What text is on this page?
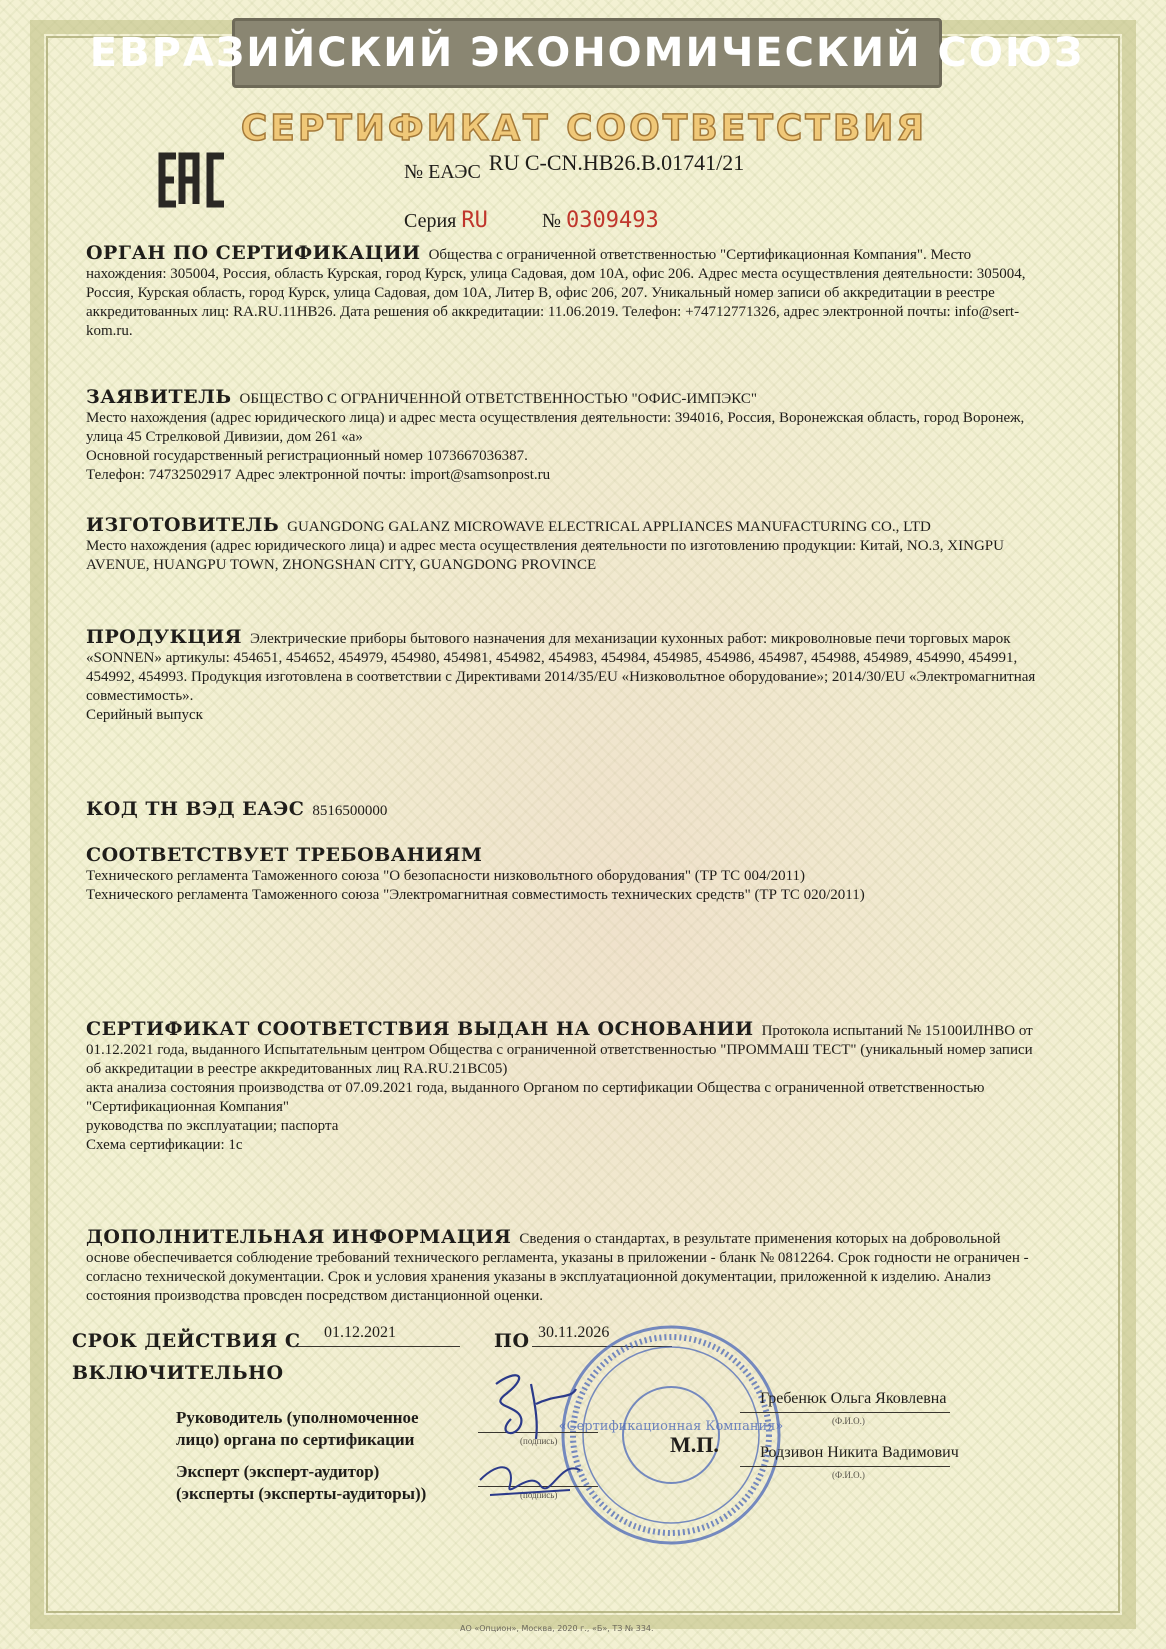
ЕВРАЗИЙСКИЙ ЭКОНОМИЧЕСКИЙ СОЮЗ
СЕРТИФИКАТ СООТВЕТСТВИЯ
№ ЕАЭС RU C-CN.НВ26.В.01741/21
Серия RU	№ 0309493
ОРГАН ПО СЕРТИФИКАЦИИ Общества с ограниченной ответственностью "Сертификационная Компания". Место нахождения: 305004, Россия, область Курская, город Курск, улица Садовая, дом 10А, офис 206. Адрес места осуществления деятельности: 305004, Россия, Курская область, город Курск, улица Садовая, дом 10А, Литер В, офис 206, 207. Уникальный номер записи об аккредитации в реестре аккредитованных лиц: RA.RU.11НВ26. Дата решения об аккредитации: 11.06.2019. Телефон: +74712771326, адрес электронной почты: info@sert-kom.ru.
ЗАЯВИТЕЛЬ ОБЩЕСТВО С ОГРАНИЧЕННОЙ ОТВЕТСТВЕННОСТЬЮ "ОФИС-ИМПЭКС"
Место нахождения (адрес юридического лица) и адрес места осуществления деятельности: 394016, Россия, Воронежская область, город Воронеж, улица 45 Стрелковой Дивизии, дом 261 «а»
Основной государственный регистрационный номер 1073667036387.
Телефон: 74732502917 Адрес электронной почты: import@samsonpost.ru
ИЗГОТОВИТЕЛЬ GUANGDONG GALANZ MICROWAVE ELECTRICAL APPLIANCES MANUFACTURING CO., LTD
Место нахождения (адрес юридического лица) и адрес места осуществления деятельности по изготовлению продукции: Китай, NO.3, XINGPU AVENUE, HUANGPU TOWN, ZHONGSHAN CITY, GUANGDONG PROVINCE
ПРОДУКЦИЯ Электрические приборы бытового назначения для механизации кухонных работ: микроволновые печи торговых марок «SONNEN» артикулы: 454651, 454652, 454979, 454980, 454981, 454982, 454983, 454984, 454985, 454986, 454987, 454988, 454989, 454990, 454991, 454992, 454993. Продукция изготовлена в соответствии с Директивами 2014/35/EU «Низковольтное оборудование»; 2014/30/EU «Электромагнитная совместимость».
Серийный выпуск
КОД ТН ВЭД ЕАЭС 8516500000
СООТВЕТСТВУЕТ ТРЕБОВАНИЯМ
Технического регламента Таможенного союза "О безопасности низковольтного оборудования" (ТР ТС 004/2011)
Технического регламента Таможенного союза "Электромагнитная совместимость технических средств" (ТР ТС 020/2011)
СЕРТИФИКАТ СООТВЕТСТВИЯ ВЫДАН НА ОСНОВАНИИ Протокола испытаний № 15100ИЛНВО от 01.12.2021 года, выданного Испытательным центром Общества с ограниченной ответственностью "ПРОММАШ ТЕСТ" (уникальный номер записи об аккредитации в реестре аккредитованных лиц RA.RU.21ВС05)
акта анализа состояния производства от 07.09.2021 года, выданного Органом по сертификации Общества с ограниченной ответственностью "Сертификационная Компания"
руководства по эксплуатации; паспорта
Схема сертификации: 1с
ДОПОЛНИТЕЛЬНАЯ ИНФОРМАЦИЯ Сведения о стандартах, в результате применения которых на добровольной основе обеспечивается соблюдение требований технического регламента, указаны в приложении - бланк № 0812264. Срок годности не ограничен - согласно технической документации. Срок и условия хранения указаны в эксплуатационной документации, приложенной к изделию. Анализ состояния производства провсден посредством дистанционной оценки.
СРОК ДЕЙСТВИЯ С 01.12.2021	ПО 30.11.2026
ВКЛЮЧИТЕЛЬНО
«Сертификационная Компания»
Руководитель (уполномоченное
лицо) органа по сертификации	(подпись)	М.П.
Гребенюк Ольга Яковлевна
(Ф.И.О.)
Эксперт (эксперт-аудитор)
(эксперты (эксперты-аудиторы))	(подпись)
Родзивон Никита Вадимович
(Ф.И.О.)
АО «Опцион», Москва, 2020 г., «Б», ТЗ № 334.
